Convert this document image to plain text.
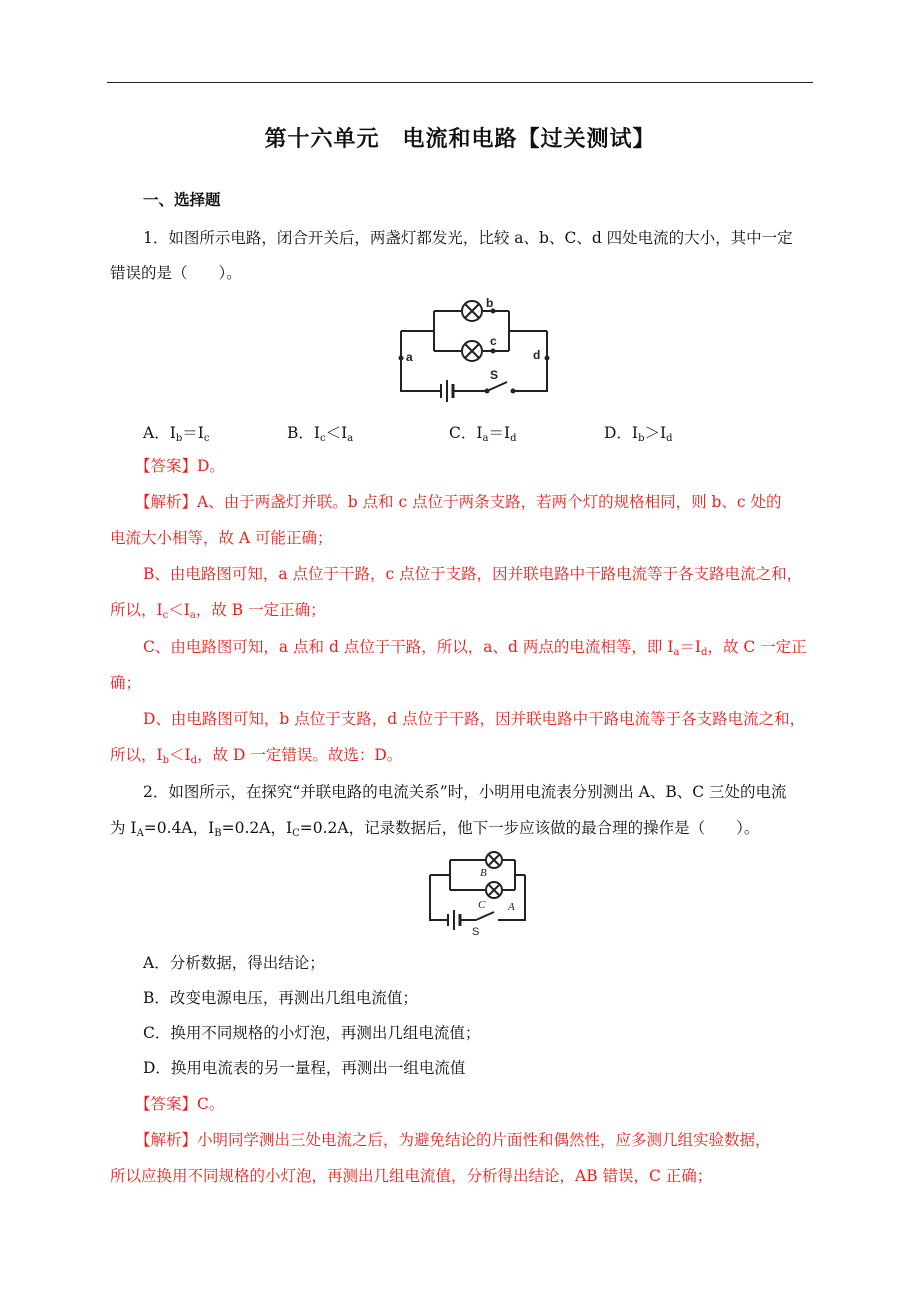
第十六单元　电流和电路【过关测试】
一、选择题
1．如图所示电路，闭合开关后，两盏灯都发光，比较 a、b、C、d 四处电流的大小，其中一定
错误的是（　　）。
b
c
a	d
S
A．$I_b=I_c$	B．$I_c<I_a$	C．$I_a=I_d$	D．$I_b>I_d$
【答案】D。
【解析】A、由于两盏灯并联。b 点和 c 点位于两条支路，若两个灯的规格相同，则 b、c 处的
电流大小相等，故 A 可能正确；
B、由电路图可知，a 点位于干路，c 点位于支路，因并联电路中干路电流等于各支路电流之和，
所以，$I_c<I_a$，故 B 一定正确；
C、由电路图可知，a 点和 d 点位于干路，所以，a、d 两点的电流相等，即 $I_a=I_d$，故 C 一定正
确；
D、由电路图可知，b 点位于支路，d 点位于干路，因并联电路中干路电流等于各支路电流之和，
所以，$I_b<I_d$，故 D 一定错误。故选：D。
2．如图所示，在探究“并联电路的电流关系”时，小明用电流表分别测出 A、B、C 三处的电流
为 $I_A=0.4A$，$I_B=0.2A$，$I_C=0.2A$，记录数据后，他下一步应该做的最合理的操作是（　　）。
B
C A
S
A．分析数据，得出结论；
B．改变电源电压，再测出几组电流值；
C．换用不同规格的小灯泡，再测出几组电流值；
D．换用电流表的另一量程，再测出一组电流值
【答案】C。
【解析】小明同学测出三处电流之后，为避免结论的片面性和偶然性，应多测几组实验数据，
所以应换用不同规格的小灯泡，再测出几组电流值，分析得出结论，AB 错误，C 正确；
